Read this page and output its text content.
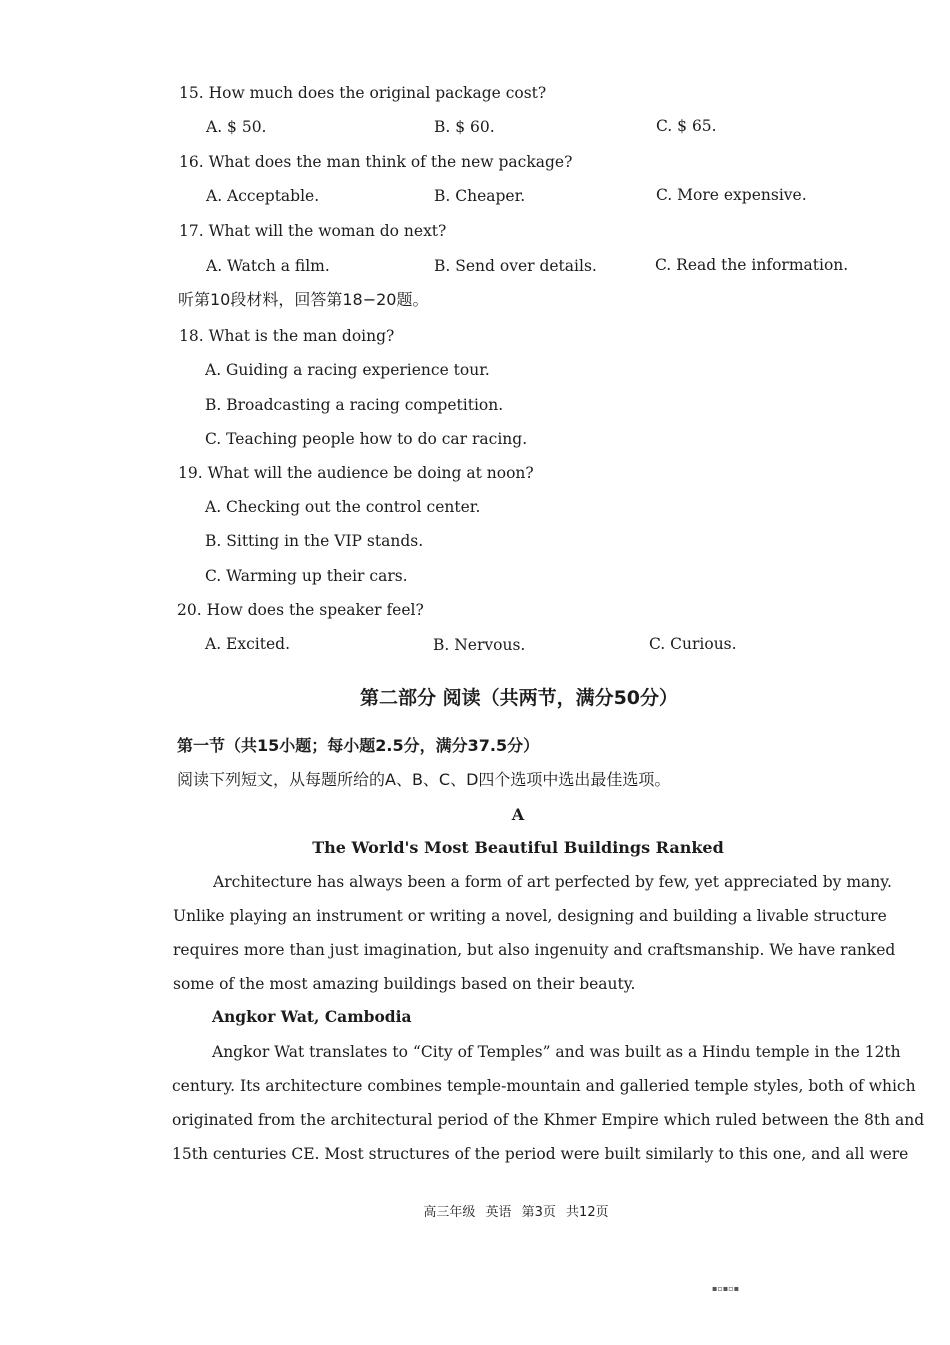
15. How much does the original package cost?
A. $ 50.	B. $ 60.	C. $ 65.
16. What does the man think of the new package?
A. Acceptable.	B. Cheaper.	C. More expensive.
17. What will the woman do next?
A. Watch a film.	B. Send over details.	C. Read the information.
听第10段材料，回答第18−20题。
18. What is the man doing?
A. Guiding a racing experience tour.
B. Broadcasting a racing competition.
C. Teaching people how to do car racing.
19. What will the audience be doing at noon?
A. Checking out the control center.
B. Sitting in the VIP stands.
C. Warming up their cars.
20. How does the speaker feel?
A. Excited.	B. Nervous.	C. Curious.
第二部分 阅读（共两节，满分50分）
第一节（共15小题；每小题2.5分，满分37.5分）
阅读下列短文，从每题所给的A、B、C、D四个选项中选出最佳选项。
A
The World's Most Beautiful Buildings Ranked
Architecture has always been a form of art perfected by few, yet appreciated by many.
Unlike playing an instrument or writing a novel, designing and building a livable structure
requires more than just imagination, but also ingenuity and craftsmanship. We have ranked
some of the most amazing buildings based on their beauty.
Angkor Wat, Cambodia
Angkor Wat translates to “City of Temples” and was built as a Hindu temple in the 12th
century. Its architecture combines temple-mountain and galleried temple styles, both of which
originated from the architectural period of the Khmer Empire which ruled between the 8th and
15th centuries CE. Most structures of the period were built similarly to this one, and all were
高三年级 英语 第3页 共12页
▪▫▪▫▪
